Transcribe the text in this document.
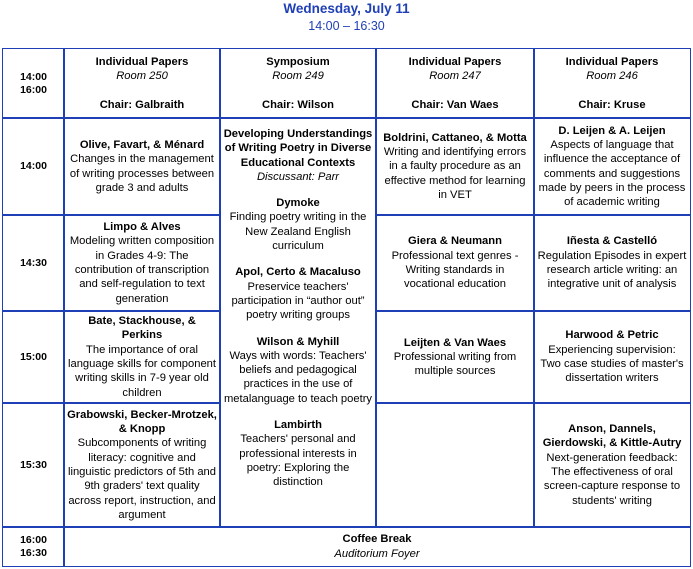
Wednesday, July 11
14:00 – 16:30
14:00
16:00
Individual Papers
Room 250
Chair: Galbraith
Symposium
Room 249
Chair: Wilson
Individual Papers
Room 247
Chair: Van Waes
Individual Papers
Room 246
Chair: Kruse
14:00
14:30
15:00
15:30
Olive, Favart, & Ménard
Changes in the management of writing processes between grade 3 and adults
Limpo & Alves
Modeling written composition in Grades 4-9: The contribution of transcription and self-regulation to text generation
Bate, Stackhouse, & Perkins
The importance of oral language skills for component writing skills in 7-9 year old children
Grabowski, Becker-Mrotzek, & Knopp
Subcomponents of writing literacy: cognitive and linguistic predictors of 5th and 9th graders' text quality across report, instruction, and argument
Developing Understandings of Writing Poetry in Diverse Educational Contexts
Discussant: Parr
Dymoke
Finding poetry writing in the New Zealand English curriculum
Apol, Certo & Macaluso
Preservice teachers' participation in “author out” poetry writing groups
Wilson & Myhill
Ways with words: Teachers' beliefs and pedagogical practices in the use of metalanguage to teach poetry
Lambirth
Teachers' personal and professional interests in poetry: Exploring the distinction
Boldrini, Cattaneo, & Motta
Writing and identifying errors in a faulty procedure as an effective method for learning in VET
Giera & Neumann
Professional text genres - Writing standards in vocational education
Leijten & Van Waes
Professional writing from multiple sources
D. Leijen & A. Leijen
Aspects of language that influence the acceptance of comments and suggestions made by peers in the process of academic writing
Iñesta & Castelló
Regulation Episodes in expert research article writing: an integrative unit of analysis
Harwood & Petric
Experiencing supervision: Two case studies of master's dissertation writers
Anson, Dannels, Gierdowski, & Kittle-Autry
Next-generation feedback: The effectiveness of oral screen-capture response to students' writing
16:00
16:30
Coffee Break
Auditorium Foyer
